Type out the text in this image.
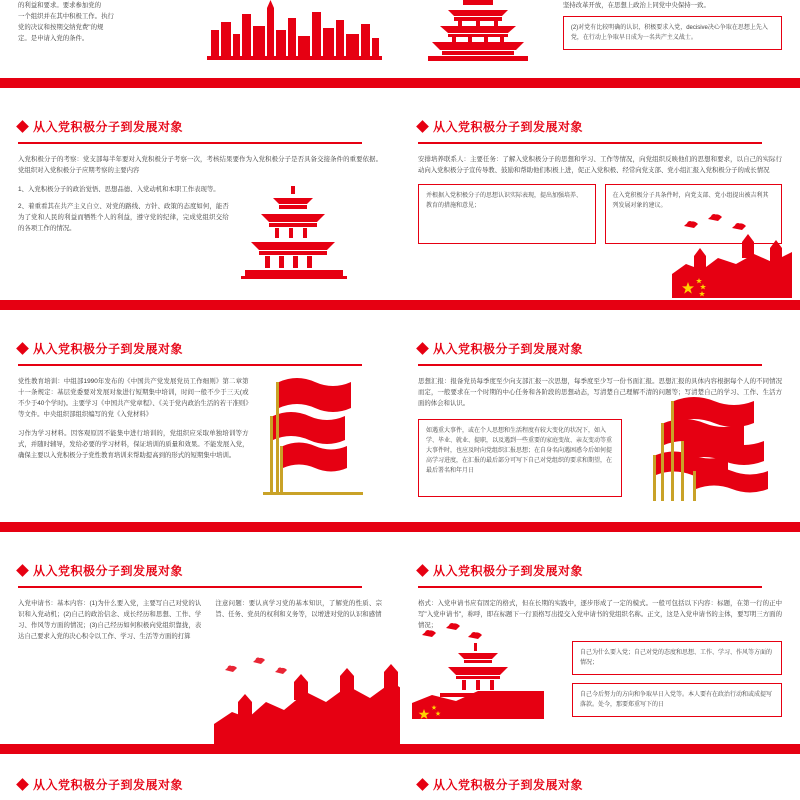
的利益和要求。要求参加党的
一个组织并在其中积极工作。执行
党的决议和按期交纳党费"的规
定。是申请入党的条件。
坚持改革开放，在思想上政治上同党中央保持一致。
(2)对党有比较明确的认识，积极要求入党，decisive决心争取在思想上先入党，在行动上争取早日成为一名共产主义战士。
从入党积极分子到发展对象
入党积极分子的考察：党支部每半年要对入党积极分子考察一次，考核结果要作为入党积极分子是否具备交接条件的重要依据。党组织对入党积极分子应期考察的主要内容
1、入党积极分子的政治觉悟、思想品德、入党动机和本职工作表现等。
2、着重看其在共产主义自立、对党的路线、方针、政策的态度如何，能否为了党和人民的利益而牺牲个人的利益，遵守党的纪律，完成党组织交给的各项工作的情况。
从入党积极分子到发展对象
安排培养联系人：主要任务：了解入党积极分子的思想和学习、工作等情况，向党组织反映他们的思想和要求，以自己的实际行动向入党积极分子宣传导教、鼓励和帮助他们积极上进，促正入党积极、经常向党支部、党小组汇报入党积极分子的成长情况
并根据入党积极分子的思想认识实际表现，提出加强培养、教育的措施和意见；
在入党积极分子具条件时，向党支部、党小组提出被吉利其列发展对象的建议。
从入党积极分子到发展对象
党性教育培训：中组部1990年发布的《中国共产党发展党员工作细则》第二章第十一条规定：基层党委要对发展对象进行短期集中培训，时间一般不少于三天(或不少于40个学时)。主要学习《中国共产党章程》、《关于党内政治生活的若干准则》等文件。中央组织部组织编写的党《入党材料》
习作为学习材料。因客观原因不能集中进行培训的，党组织应采取单独培训等方式，并随时辅导，发给必要的学习材料，保证培训的质量和效果。不能发展入党，确保主要以入党积极分子党性教育培训来帮助提高到的形式的短期集中培训。
从入党积极分子到发展对象
思想汇报：报备党员每季度至少向支部汇报一次思想，每季度至少写一份书面汇报。思想汇报的具体内容根据每个人的不同情况而定，一般要求在一个时期的中心任务和各阶段的思想动态，写清楚自己理解不清的问题等；写清楚自己的学习、工作、生活方面的体会和认识。
如遇重大事件，或在个人思想和生活程度有较大变化的状况下，如入学、毕业、就业、提职，以及遇到一些重要的家庭变故、亲友变动等重大事件时，也应及时向党组织汇报思想；在自身名向遇困惑今后如何提高学习进度，在汇报的最后部分可写下自己对党组织的要求和期望，在最后署名和年月日
从入党积极分子到发展对象
入党申请书：基本内容：(1)为什么要入党，主要写自己对党的认识和入党动机；(2)自己的政治信念、成长经历和思想、工作、学习、作风等方面的情况；(3)自己经历如何积极向党组织靠拢，表达自己要求入党的决心积令以工作、学习、生活等方面的打算
注意问题：要认真学习党的基本知识，了解党的性质、宗旨、任务、党员的权利和义务等，以增进对党的认识和感情
从入党积极分子到发展对象
格式：入党申请书应有固定的格式，但在长期的实践中，逐步形成了一定的模式。一般可包括以下内容：标题，在第一行的正中写"入党申请书"，称呼，即在标题下一行顶格写出提交入党申请书的党组织名称。正文，这是入党申请书的主体，要写明三方面的情况；
自己为什么要入党；自己对党的态度和思想、工作、学习、作风等方面的情况；
自己今后努力的方向和争取早日入党等。本人要有在政治行动和或成提写落款。处今，那要郑重写下的日
从入党积极分子到发展对象	从入党积极分子到发展对象
